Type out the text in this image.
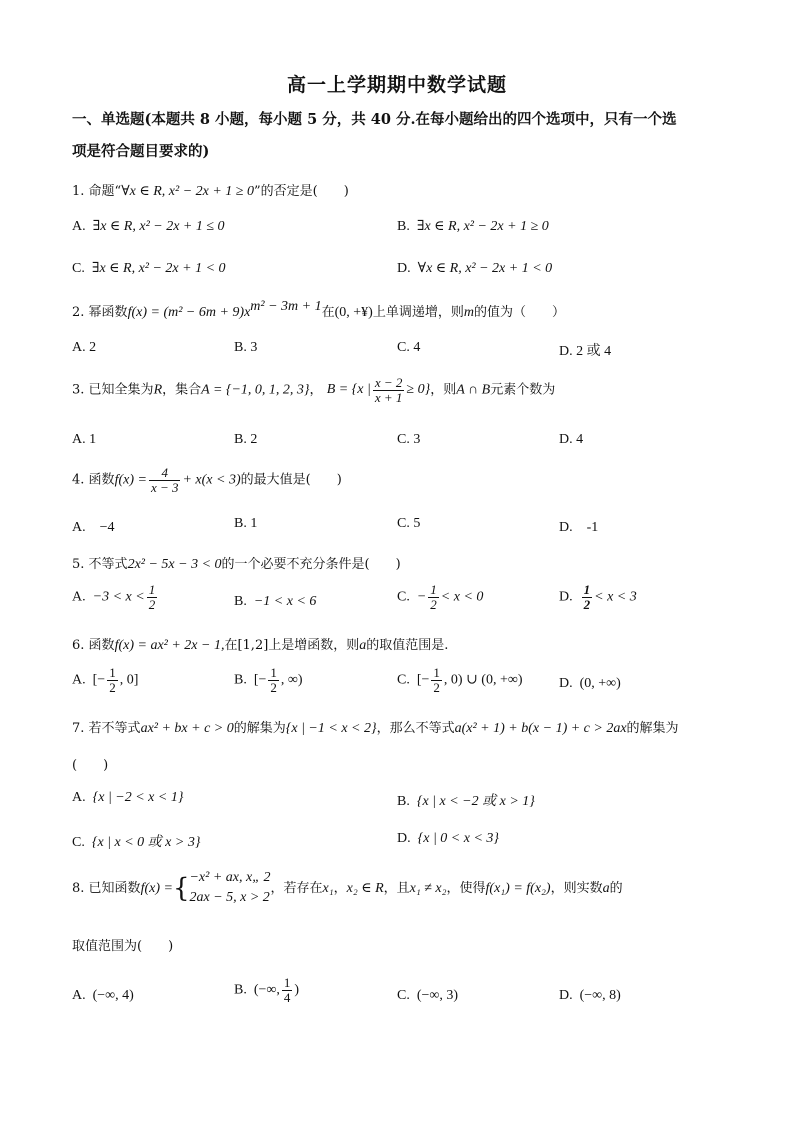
高一上学期期中数学试题
一、单选题(本题共 8 小题，每小题 5 分，共 40 分.在每小题给出的四个选项中，只有一个选
项是符合题目要求的)
1. 命题“∀x ∈ R, x² − 2x + 1 ≥ 0”的否定是(　　)
A. ∃x ∈ R, x² − 2x + 1 ≤ 0	B. ∃x ∈ R, x² − 2x + 1 ≥ 0
C. ∃x ∈ R, x² − 2x + 1 < 0	D. ∀x ∈ R, x² − 2x + 1 < 0
2. 幂函数$f(x) = (m^2 - 6m + 9)x^{m^2 - 3m + 1}$在(0, +¥)上单调递增，则m的值为（　　）
A. 2	B. 3	C. 4	D. 2 或 4
3. 已知全集为R，集合A = {−1, 0, 1, 2, 3}， B = {x | $\frac{x - 2}{x + 1} \ge 0$}，则A ∩ B元素个数为
A. 1	B. 2	C. 3	D. 4
4. 函数$f(x) = \frac{4}{x - 3} + x(x < 3)$的最大值是(　　)
A.　−4	B. 1	C. 5	D.　-1
5. 不等式2x² − 5x − 3 < 0的一个必要不充分条件是(　　)
A. $-3 < x < \frac{1}{2}$	B. −1 < x < 6	C. − $\frac{1}{2} < x < 0$	D. $\frac{1}{2} < x < 3$
6. 函数f(x) = ax² + 2x − 1,在[1,2]上是增函数，则a的取值范围是.
A. [− $\frac{1}{2}$ , 0]	B. [− $\frac{1}{2}$ , ∞)	C. [− $\frac{1}{2}$ , 0) ∪ (0, +∞)	D. (0, +∞)
7. 若不等式ax² + bx + c > 0的解集为{x | −1 < x < 2}，那么不等式a(x² + 1) + b(x − 1) + c > 2ax的解集为
(　　)
A. {x | −2 < x < 1}	B. {x | x < −2 或 x > 1}
C. {x | x < 0 或 x > 3}	D. {x | 0 < x < 3}
8. 已知函数f(x) ={ −x² + ax, x„ 2
2ax − 5, x > 2
，若存在x₁，x₂ ∈ R，且x₁ ≠ x₂，使得f(x₁) = f(x₂)，则实数a的
取值范围为(　　)
A. (−∞, 4)	B. (−∞, $\frac{1}{4}$ )	C. (−∞, 3)	D. (−∞, 8)
